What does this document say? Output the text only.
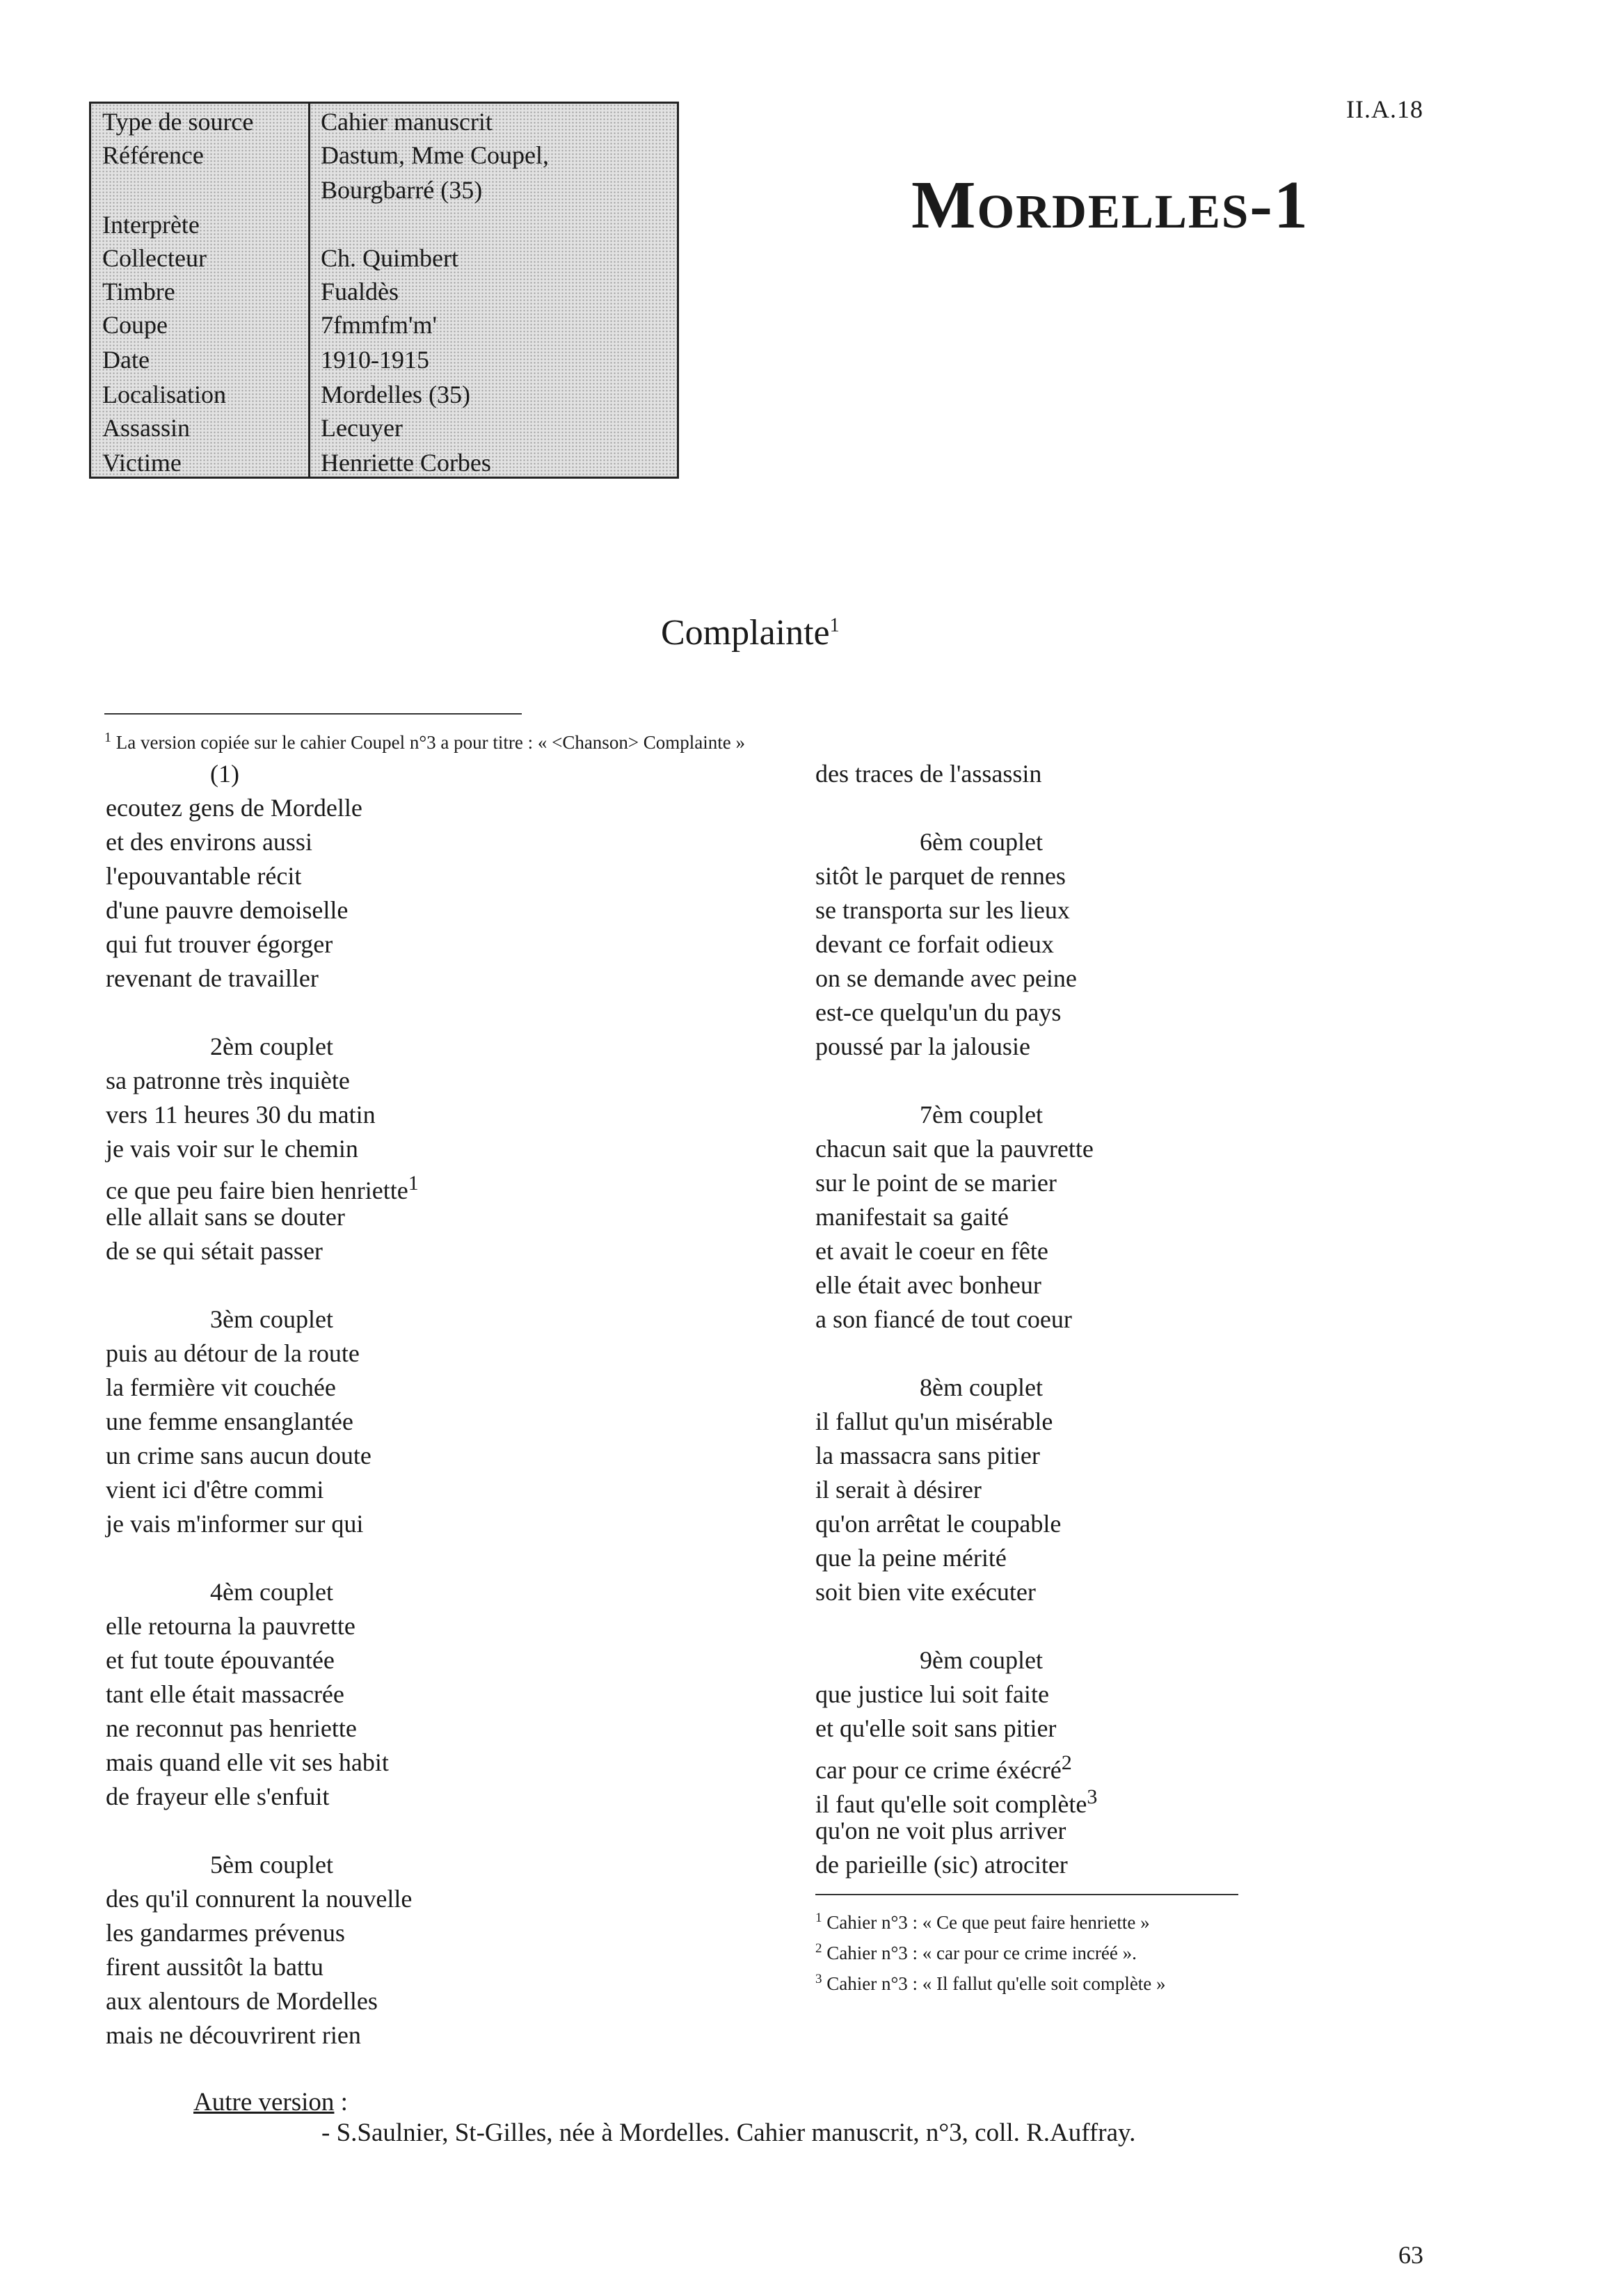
Type de source	Cahier manuscrit
Référence	Dastum, Mme Coupel,
Bourgbarré (35)
Interprète
Collecteur	Ch. Quimbert
Timbre	Fualdès
Coupe	7fmmfm'm'
Date	1910-1915
Localisation	Mordelles (35)
Assassin	Lecuyer
Victime	Henriette Corbes
II.A.18
Mordelles-1
Complainte$^1$
$^1$ La version copiée sur le cahier Coupel n°3 a pour titre : « <Chanson> Complainte »
(1)
ecoutez gens de Mordelle
et des environs aussi
l'epouvantable récit
d'une pauvre demoiselle
qui fut trouver égorger
revenant de travailler
2èm couplet
sa patronne très inquiète
vers 11 heures 30 du matin
je vais voir sur le chemin
ce que peu faire bien henriette$^1$
elle allait sans se douter
de se qui sétait passer
3èm couplet
puis au détour de la route
la fermière vit couchée
une femme ensanglantée
un crime sans aucun doute
vient ici d'être commi
je vais m'informer sur qui
4èm couplet
elle retourna la pauvrette
et fut toute épouvantée
tant elle était massacrée
ne reconnut pas henriette
mais quand elle vit ses habit
de frayeur elle s'enfuit
5èm couplet
des qu'il connurent la nouvelle
les gandarmes prévenus
firent aussitôt la battu
aux alentours de Mordelles
mais ne découvrirent rien
des traces de l'assassin
6èm couplet
sitôt le parquet de rennes
se transporta sur les lieux
devant ce forfait odieux
on se demande avec peine
est-ce quelqu'un du pays
poussé par la jalousie
7èm couplet
chacun sait que la pauvrette
sur le point de se marier
manifestait sa gaité
et avait le coeur en fête
elle était avec bonheur
a son fiancé de tout coeur
8èm couplet
il fallut qu'un misérable
la massacra sans pitier
il serait à désirer
qu'on arrêtat le coupable
que la peine mérité
soit bien vite exécuter
9èm couplet
que justice lui soit faite
et qu'elle soit sans pitier
car pour ce crime éxécré$^2$
il faut qu'elle soit complète$^3$
qu'on ne voit plus arriver
de parieille (sic) atrociter
$^1$ Cahier n°3 : « Ce que peut faire henriette »
$^2$ Cahier n°3 : « car pour ce crime incréé ».
$^3$ Cahier n°3 : « Il fallut qu'elle soit complète »
Autre version :
- S.Saulnier, St-Gilles, née à Mordelles. Cahier manuscrit, n°3, coll. R.Auffray.
63
